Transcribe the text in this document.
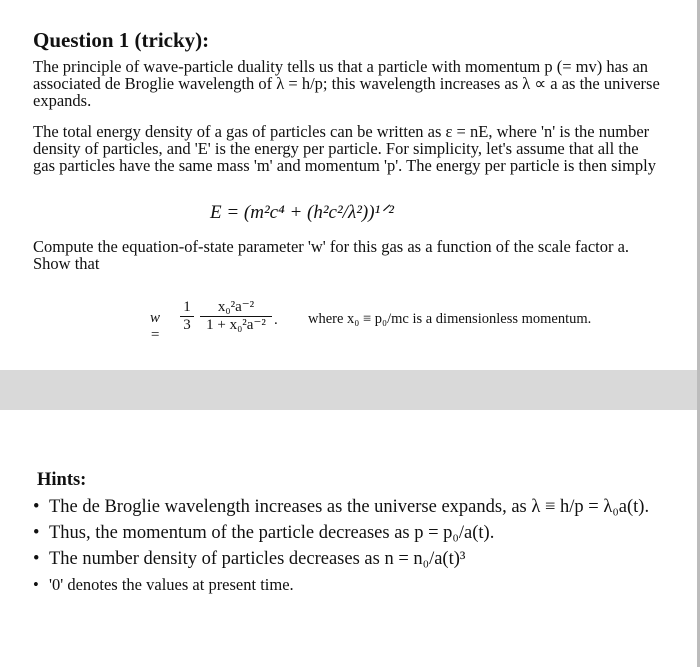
Question 1 (tricky):

The principle of wave-particle duality tells us that a particle with momentum p (= mv) has an associated de Broglie wavelength of λ = h/p; this wavelength increases as λ ∝ a as the universe expands.

The total energy density of a gas of particles can be written as ε = nE, where 'n' is the number density of particles, and 'E' is the energy per particle. For simplicity, let's assume that all the gas particles have the same mass 'm' and momentum 'p'. The energy per particle is then simply

E = (m²c⁴ + (h²c²/λ²))¹ᐟ²

Compute the equation-of-state parameter 'w' for this gas as a function of the scale factor a. Show that

w =
$\frac{1}{3} \frac{\text{x₀²a⁻²}}{\text{1 + x₀²a⁻²}}$ . where x₀ ≡ p₀/mc is a dimensionless momentum.
Hints:
• The de Broglie wavelength increases as the universe expands, as λ ≡ h/p = λ₀a(t).
• Thus, the momentum of the particle decreases as p = p₀/a(t).
• The number density of particles decreases as n = n₀/a(t)³
• '0' denotes the values at present time.
